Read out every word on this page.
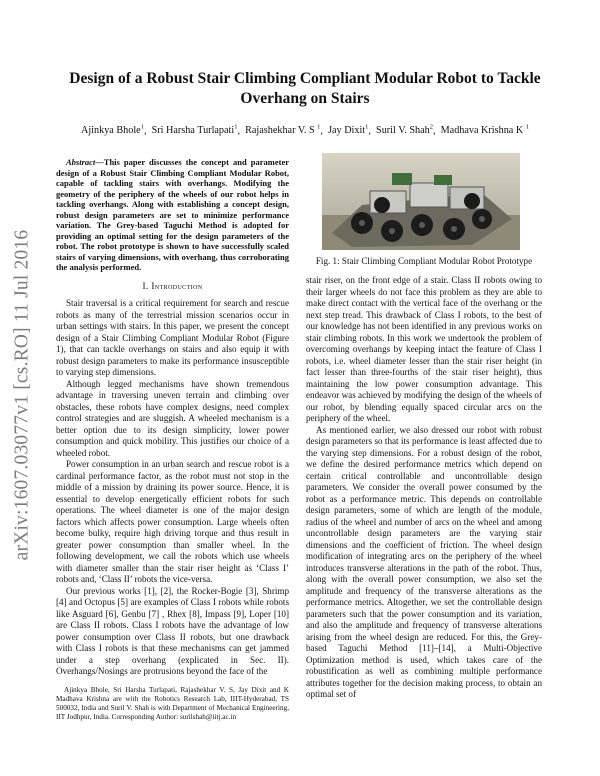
arXiv:1607.03077v1 [cs.RO] 11 Jul 2016
Design of a Robust Stair Climbing Compliant Modular Robot to Tackle Overhang on Stairs
Ajinkya Bhole$^1$,  Sri Harsha Turlapati$^1$,  Rajashekhar V. S $^1$,  Jay Dixit$^1$,  Suril V. Shah$^2$,  Madhava Krishna K $^1$

Abstract—This paper discusses the concept and parameter design of a Robust Stair Climbing Compliant Modular Robot, capable of tackling stairs with overhangs. Modifying the geometry of the periphery of the wheels of our robot helps in tackling overhangs. Along with establishing a concept design, robust design parameters are set to minimize performance variation. The Grey-based Taguchi Method is adopted for providing an optimal setting for the design parameters of the robot. The robot prototype is shown to have successfully scaled stairs of varying dimensions, with overhang, thus corroborating the analysis performed.

I. Introduction

Stair traversal is a critical requirement for search and rescue robots as many of the terrestrial mission scenarios occur in urban settings with stairs. In this paper, we present the concept design of a Stair Climbing Compliant Modular Robot (Figure 1), that can tackle overhangs on stairs and also equip it with robust design parameters to make its performance insusceptible to varying step dimensions.

Although legged mechanisms have shown tremendous advantage in traversing uneven terrain and climbing over obstacles, these robots have complex designs, need complex control strategies and are sluggish. A wheeled mechanism is a better option due to its design simplicity, lower power consumption and quick mobility. This justifies our choice of a wheeled robot.

Power consumption in an urban search and rescue robot is a cardinal performance factor, as the robot must not stop in the middle of a mission by draining its power source. Hence, it is essential to develop energetically efficient robots for such operations. The wheel diameter is one of the major design factors which affects power consumption. Large wheels often become bulky, require high driving torque and thus result in greater power consumption than smaller wheel. In the following development, we call the robots which use wheels with diameter smaller than the stair riser height as ‘Class I’ robots and, ‘Class II’ robots the vice-versa.

Our previous works [1], [2], the Rocker-Bogie [3], Shrimp [4] and Octopus [5] are examples of Class I robots while robots like Asguard [6], Genbu [7] , Rhex [8], Impass [9], Loper [10] are Class II robots. Class I robots have the advantage of low power consumption over Class II robots, but one drawback with Class I robots is that these mechanisms can get jammed under a step overhang (explicated in Sec. II). Overhangs/Nosings are protrusions beyond the face of the

Ajinkya Bhole, Sri Harsha Turlapati, Rajashekhar V. S, Jay Dixit and K Madhava Krishna are with the Robotics Research Lab, IIIT-Hyderabad, TS 500032, India and Suril V. Shah is with Department of Mechanical Engineering, IIT Jodhpur, India. Corresponding Author: surilshah@iitj.ac.in
Fig. 1: Stair Climbing Compliant Modular Robot Prototype

stair riser, on the front edge of a stair. Class II robots owing to their larger wheels do not face this problem as they are able to make direct contact with the vertical face of the overhang or the next step tread. This drawback of Class I robots, to the best of our knowledge has not been identified in any previous works on stair climbing robots. In this work we undertook the problem of overcoming overhangs by keeping intact the feature of Class I robots, i.e. wheel diameter lesser than the stair riser height (in fact lesser than three-fourths of the stair riser height), thus maintaining the low power consumption advantage. This endeavor was achieved by modifying the design of the wheels of our robot, by blending equally spaced circular arcs on the periphery of the wheel.

As mentioned earlier, we also dressed our robot with robust design parameters so that its performance is least affected due to the varying step dimensions. For a robust design of the robot, we define the desired performance metrics which depend on certain critical controllable and uncontrollable design parameters. We consider the overall power consumed by the robot as a performance metric. This depends on controllable design parameters, some of which are length of the module, radius of the wheel and number of arcs on the wheel and among uncontrollable design parameters are the varying stair dimensions and the coefficient of friction. The wheel design modification of integrating arcs on the periphery of the wheel introduces transverse alterations in the path of the robot. Thus, along with the overall power consumption, we also set the amplitude and frequency of the transverse alterations as the performance metrics. Altogether, we set the controllable design parameters such that the power consumption and its variation, and also the amplitude and frequency of transverse alterations arising from the wheel design are reduced. For this, the Grey-based Taguchi Method [11]–[14], a Multi-Objective Optimization method is used, which takes care of the robustification as well as combining multiple performance attributes together for the decision making process, to obtain an optimal set of
